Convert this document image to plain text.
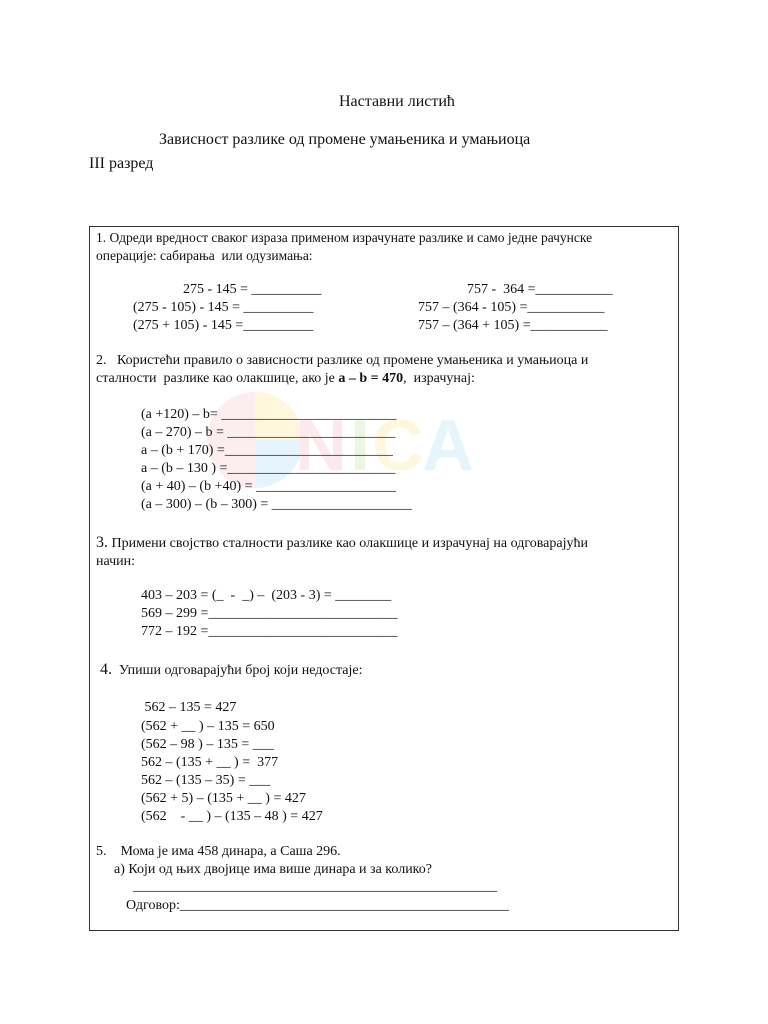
Наставни листић
Зависност разлике од промене умањеника и умањиоца
III разред
N I C
A
1. Одреди вредност сваког израза применом израчунате разлике и само једне рачунске
операције: сабирања  или одузимања:
275 - 145 = __________
(275 - 105) - 145 = __________
(275 + 105) - 145 =__________
757 -  364 =___________
757 – (364 - 105) =___________
757 – (364 + 105) =___________
2.   Користећи правило о зависности разлике од промене умањеника и умањиоца и
сталности  разлике као олакшице, ако је a – b = 470,  израчунај:
(a +120) – b= _________________________
(a – 270) – b = ________________________
a – (b + 170) =________________________
a – (b – 130 ) =________________________
(a + 40) – (b +40) = ____________________
(a – 300) – (b – 300) = ____________________
3. Примени својство сталности разлике као олакшице и израчунај на одговарајући
начин:
403 – 203 = (_  -  _) –  (203 - 3) = ________
569 – 299 =___________________________
772 – 192 =___________________________
4.  Упиши одговарајући број који недостаје:
562 – 135 = 427
(562 + __ ) – 135 = 650
(562 – 98 ) – 135 = ___
562 – (135 + __ ) =  377
562 – (135 – 35) = ___
(562 + 5) – (135 + __ ) = 427
(562    - __ ) – (135 – 48 ) = 427
5.    Мома је има 458 динара, а Саша 296.
а) Који од њих двојице има више динара и за колико?
____________________________________________________
Одговор:_______________________________________________
